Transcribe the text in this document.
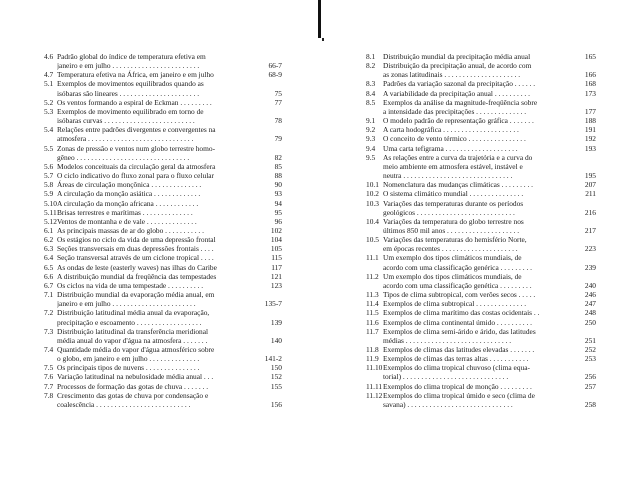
4.6 Padrão global do índice de temperatura efetiva em
janeiro e em julho . . . . . . . . . . . . . . . . . . . . . . . .	66-7
4.7 Temperatura efetiva na África, em janeiro e em julho	68-9
5.1 Exemplos de movimentos equilibrados quando as
isóbaras são lineares . . . . . . . . . . . . . . . . . . . . . .	75
5.2 Os ventos formando a espiral de Eckman . . . . . . . . .	77
5.3 Exemplos de movimento equilibrado em torno de
isóbaras curvas . . . . . . . . . . . . . . . . . . . . . . . . .	78
5.4 Relações entre padrões divergentes e convergentes na
atmosfera . . . . . . . . . . . . . . . . . . . . . . . . . . . . .	79
5.5 Zonas de pressão e ventos num globo terrestre homo-
gêneo . . . . . . . . . . . . . . . . . . . . . . . . . . . . . . .	82
5.6 Modelos conceituais da circulação geral da atmosfera	85
5.7 O ciclo indicativo do fluxo zonal para o fluxo celular	88
5.8 Áreas de circulação monçônica . . . . . . . . . . . . . .	90
5.9 A circulação da monção asiática . . . . . . . . . . . . .	93
5.10 A circulação da monção africana . . . . . . . . . . . .	94
5.11 Brisas terrestres e marítimas . . . . . . . . . . . . . .	95
5.12 Ventos de montanha e de vale . . . . . . . . . . . . . .	96
6.1 As principais massas de ar do globo . . . . . . . . . . .	102
6.2 Os estágios no ciclo da vida de uma depressão frontal	104
6.3 Seções transversais em duas depressões frontais . . . .	105
6.4 Seção transversal através de um ciclone tropical . . . .	115
6.5 As ondas de leste (easterly waves) nas ilhas do Caribe	117
6.6 A distribuição mundial da freqüência das tempestades	121
6.7 Os ciclos na vida de uma tempestade . . . . . . . . . .	123
7.1 Distribuição mundial da evaporação média anual, em
janeiro e em julho . . . . . . . . . . . . . . . . . . . . . . .	135-7
7.2 Distribuição latitudinal média anual da evaporação,
precipitação e escoamento . . . . . . . . . . . . . . . . . .	139
7.3 Distribuição latitudinal da transferência meridional
média anual do vapor d'água na atmosfera . . . . . . .	140
7.4 Quantidade média do vapor d'água atmosférico sobre
o globo, em janeiro e em julho . . . . . . . . . . . . . .	141-2
7.5 Os principais tipos de nuvens . . . . . . . . . . . . . . .	150
7.6 Variação latitudinal na nebulosidade média anual . . .	152
7.7 Processos de formação das gotas de chuva . . . . . . .	155
7.8 Crescimento das gotas de chuva por condensação e
coalescência . . . . . . . . . . . . . . . . . . . . . . . . . .	156
8.1 Distribuição mundial da precipitação média anual	165
8.2 Distribuição da precipitação anual, de acordo com
as zonas latitudinais . . . . . . . . . . . . . . . . . . . . .	166
8.3 Padrões da variação sazonal da precipitação . . . . . .	168
8.4 A variabilidade da precipitação anual . . . . . . . . . .	173
8.5 Exemplos da análise da magnitude-freqüência sobre
a intensidade das precipitações . . . . . . . . . . . . . .	177
9.1 O modelo padrão de representação gráfica . . . . . . .	188
9.2 A carta hodográfica . . . . . . . . . . . . . . . . . . . . .	191
9.3 O conceito de vento térmico . . . . . . . . . . . . . . . .	192
9.4 Uma carta tefigrama . . . . . . . . . . . . . . . . . . . .	193
9.5 As relações entre a curva da trajetória e a curva do
meio ambiente em atmosfera estável, instável e
neutra . . . . . . . . . . . . . . . . . . . . . . . . . . . . . .	195
10.1 Nomenclatura das mudanças climáticas . . . . . . . . .	207
10.2 O sistema climático mundial . . . . . . . . . . . . . . .	211
10.3 Variações das temperaturas durante os períodos
geológicos . . . . . . . . . . . . . . . . . . . . . . . . . . .	216
10.4 Variações da temperatura do globo terrestre nos
últimos 850 mil anos . . . . . . . . . . . . . . . . . . . .	217
10.5 Variações das temperaturas do hemisfério Norte,
em épocas recentes . . . . . . . . . . . . . . . . . . . . .	223
11.1 Um exemplo dos tipos climáticos mundiais, de
acordo com uma classificação genérica . . . . . . . . .	239
11.2 Um exemplo dos tipos climáticos mundiais, de
acordo com uma classificação genética . . . . . . . . .	240
11.3 Tipos de clima subtropical, com verões secos . . . . .	246
11.4 Exemplos de clima subtropical . . . . . . . . . . . . . .	247
11.5 Exemplos de clima marítimo das costas ocidentais . .	248
11.6 Exemplos de clima continental úmido . . . . . . . . . .	250
11.7 Exemplos de clima semi-árido e árido, das latitudes
médias . . . . . . . . . . . . . . . . . . . . . . . . . . . . .	251
11.8 Exemplos de climas das latitudes elevadas . . . . . . .	252
11.9 Exemplos de climas das terras altas . . . . . . . . . . .	253
11.10 Exemplos do clima tropical chuvoso (clima equa-
torial) . . . . . . . . . . . . . . . . . . . . . . . . . . . . .	256
11.11 Exemplos do clima tropical de monção . . . . . . . . .	257
11.12 Exemplos do clima tropical úmido e seco (clima de
savana) . . . . . . . . . . . . . . . . . . . . . . . . . . . . .	258
